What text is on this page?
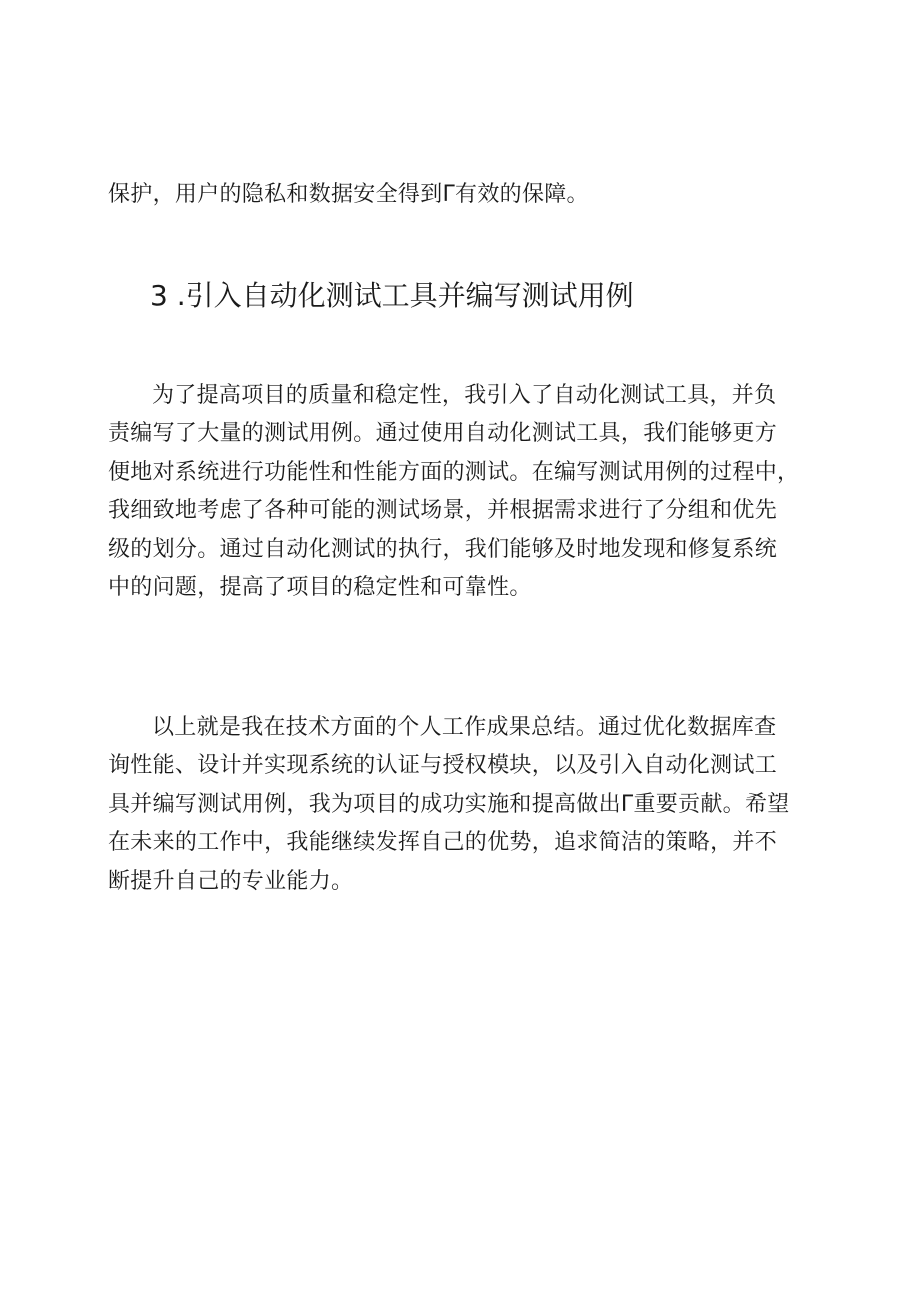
保护，用户的隐私和数据安全得到Γ有效的保障。
3 .引入自动化测试工具并编写测试用例
为了提高项目的质量和稳定性，我引入了自动化测试工具，并负
责编写了大量的测试用例。通过使用自动化测试工具，我们能够更方
便地对系统进行功能性和性能方面的测试。在编写测试用例的过程中，
我细致地考虑了各种可能的测试场景，并根据需求进行了分组和优先
级的划分。通过自动化测试的执行，我们能够及时地发现和修复系统
中的问题，提高了项目的稳定性和可靠性。
以上就是我在技术方面的个人工作成果总结。通过优化数据库查
询性能、设计并实现系统的认证与授权模块，以及引入自动化测试工
具并编写测试用例，我为项目的成功实施和提高做出Γ重要贡献。希望
在未来的工作中，我能继续发挥自己的优势，追求简洁的策略，并不
断提升自己的专业能力。
